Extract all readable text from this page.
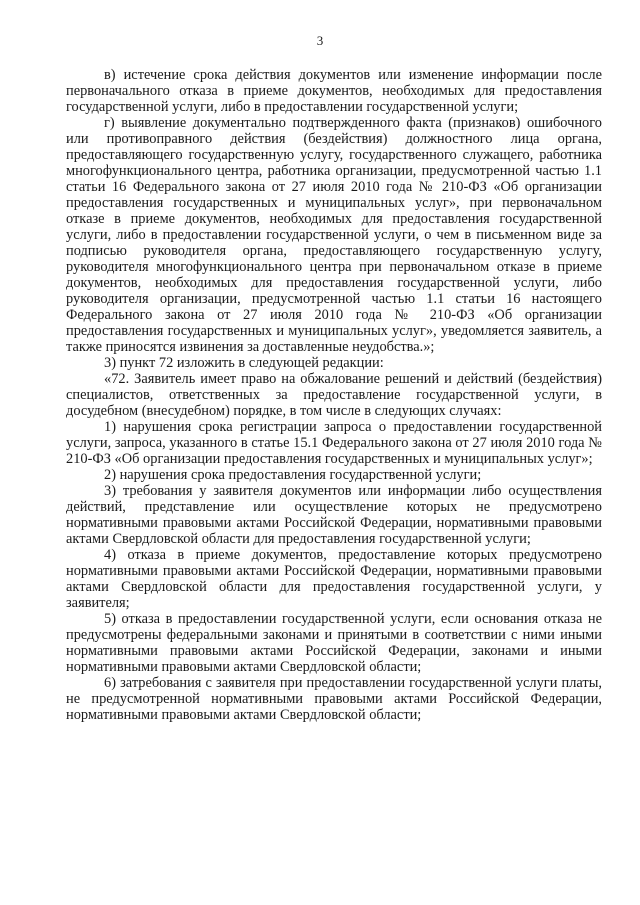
3

в) истечение срока действия документов или изменение информации после первоначального отказа в приеме документов, необходимых для предоставления государственной услуги, либо в предоставлении государственной услуги;

г) выявление документально подтвержденного факта (признаков) ошибочного или противоправного действия (бездействия) должностного лица органа, предоставляющего государственную услугу, государственного служащего, работника многофункционального центра, работника организации, предусмотренной частью 1.1 статьи 16 Федерального закона от 27 июля 2010 года № 210-ФЗ «Об организации предоставления государственных и муниципальных услуг», при первоначальном отказе в приеме документов, необходимых для предоставления государственной услуги, либо в предоставлении государственной услуги, о чем в письменном виде за подписью руководителя органа, предоставляющего государственную услугу, руководителя многофункционального центра при первоначальном отказе в приеме документов, необходимых для предоставления государственной услуги, либо руководителя организации, предусмотренной частью 1.1 статьи 16 настоящего Федерального закона от 27 июля 2010 года № 210-ФЗ «Об организации предоставления государственных и муниципальных услуг», уведомляется заявитель, а также приносятся извинения за доставленные неудобства.»;

3) пункт 72 изложить в следующей редакции:

«72. Заявитель имеет право на обжалование решений и действий (бездействия) специалистов, ответственных за предоставление государственной услуги, в досудебном (внесудебном) порядке, в том числе в следующих случаях:

1) нарушения срока регистрации запроса о предоставлении государственной услуги, запроса, указанного в статье 15.1 Федерального закона от 27 июля 2010 года № 210-ФЗ «Об организации предоставления государственных и муниципальных услуг»;

2) нарушения срока предоставления государственной услуги;

3) требования у заявителя документов или информации либо осуществления действий, представление или осуществление которых не предусмотрено нормативными правовыми актами Российской Федерации, нормативными правовыми актами Свердловской области для предоставления государственной услуги;

4) отказа в приеме документов, предоставление которых предусмотрено нормативными правовыми актами Российской Федерации, нормативными правовыми актами Свердловской области для предоставления государственной услуги, у заявителя;

5) отказа в предоставлении государственной услуги, если основания отказа не предусмотрены федеральными законами и принятыми в соответствии с ними иными нормативными правовыми актами Российской Федерации, законами и иными нормативными правовыми актами Свердловской области;

6) затребования с заявителя при предоставлении государственной услуги платы, не предусмотренной нормативными правовыми актами Российской Федерации, нормативными правовыми актами Свердловской области;
